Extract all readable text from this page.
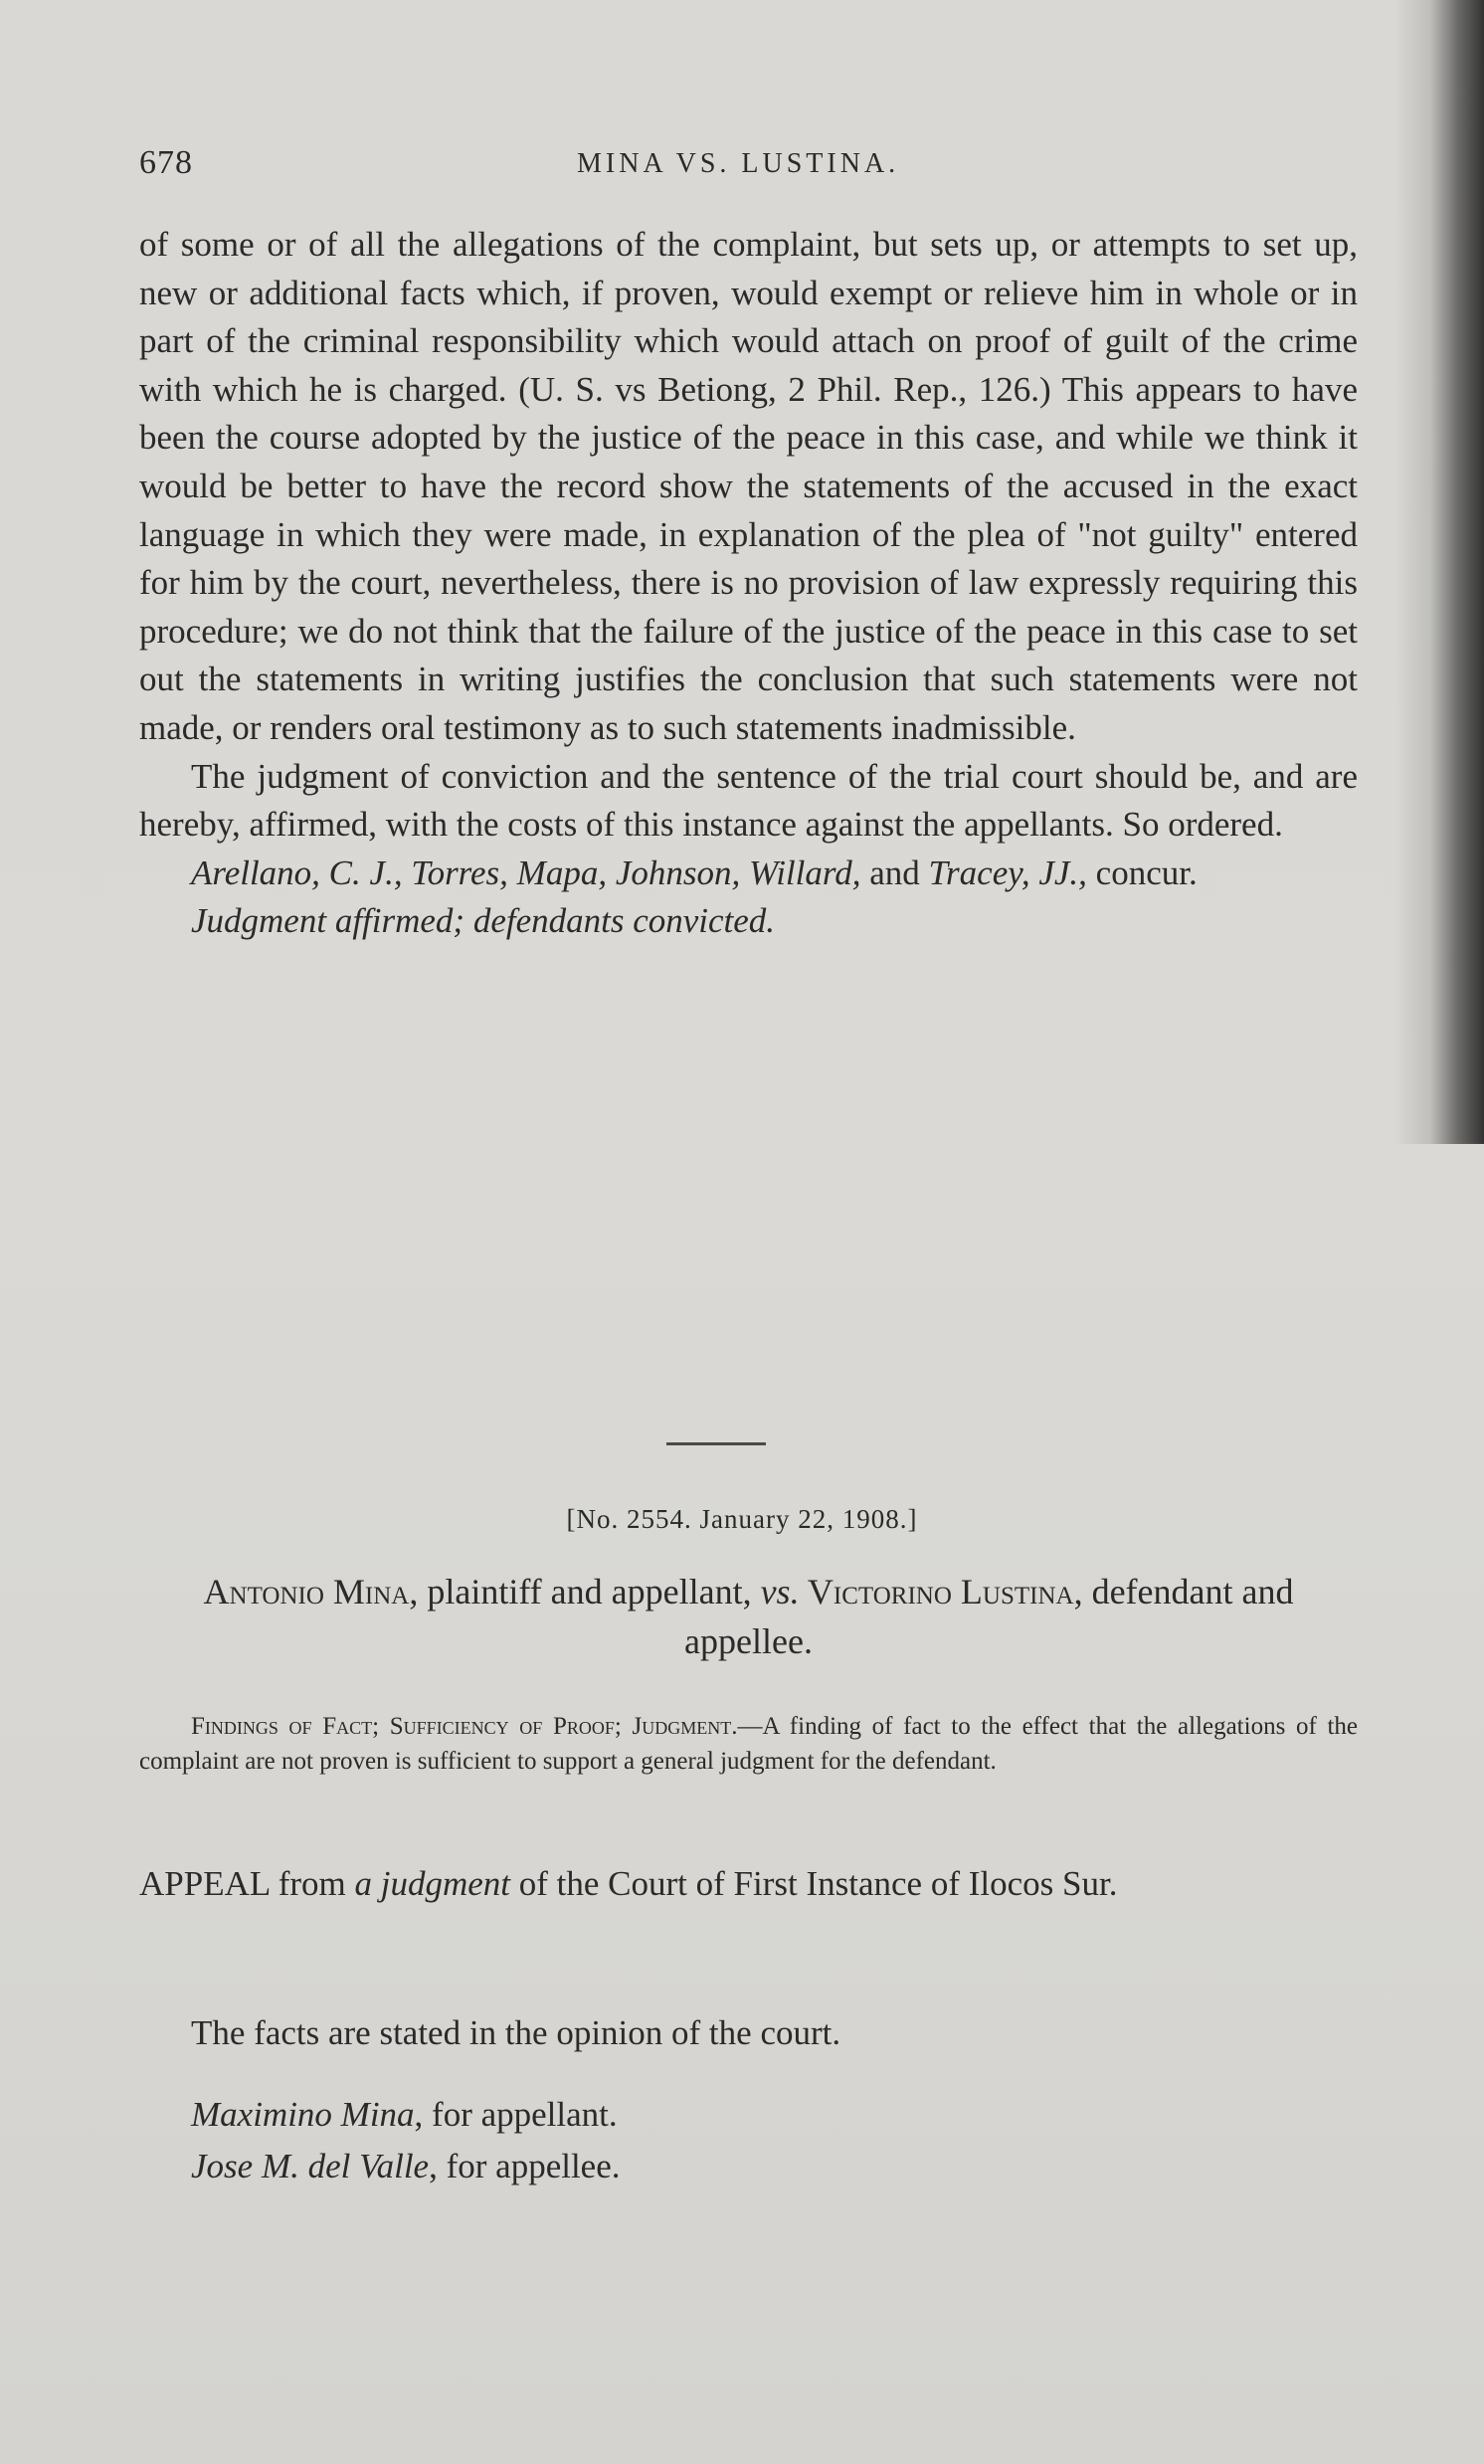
678	MINA VS. LUSTINA.

of some or of all the allegations of the complaint, but sets up, or attempts to set up, new or additional facts which, if proven, would exempt or relieve him in whole or in part of the criminal responsibility which would attach on proof of guilt of the crime with which he is charged. (U. S. vs Betiong, 2 Phil. Rep., 126.) This appears to have been the course adopted by the justice of the peace in this case, and while we think it would be better to have the record show the statements of the accused in the exact language in which they were made, in explanation of the plea of "not guilty" entered for him by the court, nevertheless, there is no provision of law expressly requiring this procedure; we do not think that the failure of the justice of the peace in this case to set out the statements in writing justifies the conclusion that such statements were not made, or renders oral testimony as to such statements inadmissible.

The judgment of conviction and the sentence of the trial court should be, and are hereby, affirmed, with the costs of this instance against the appellants. So ordered.

Arellano, C. J., Torres, Mapa, Johnson, Willard, and Tracey, JJ., concur.

Judgment affirmed; defendants convicted.

[No. 2554. January 22, 1908.]
Antonio Mina, plaintiff and appellant, vs. Victorino Lustina, defendant and appellee.
Findings of Fact; Sufficiency of Proof; Judgment.—A finding of fact to the effect that the allegations of the complaint are not proven is sufficient to support a general judgment for the defendant.
APPEAL from a judgment of the Court of First Instance of Ilocos Sur.
The facts are stated in the opinion of the court.
Maximino Mina, for appellant.
Jose M. del Valle, for appellee.
